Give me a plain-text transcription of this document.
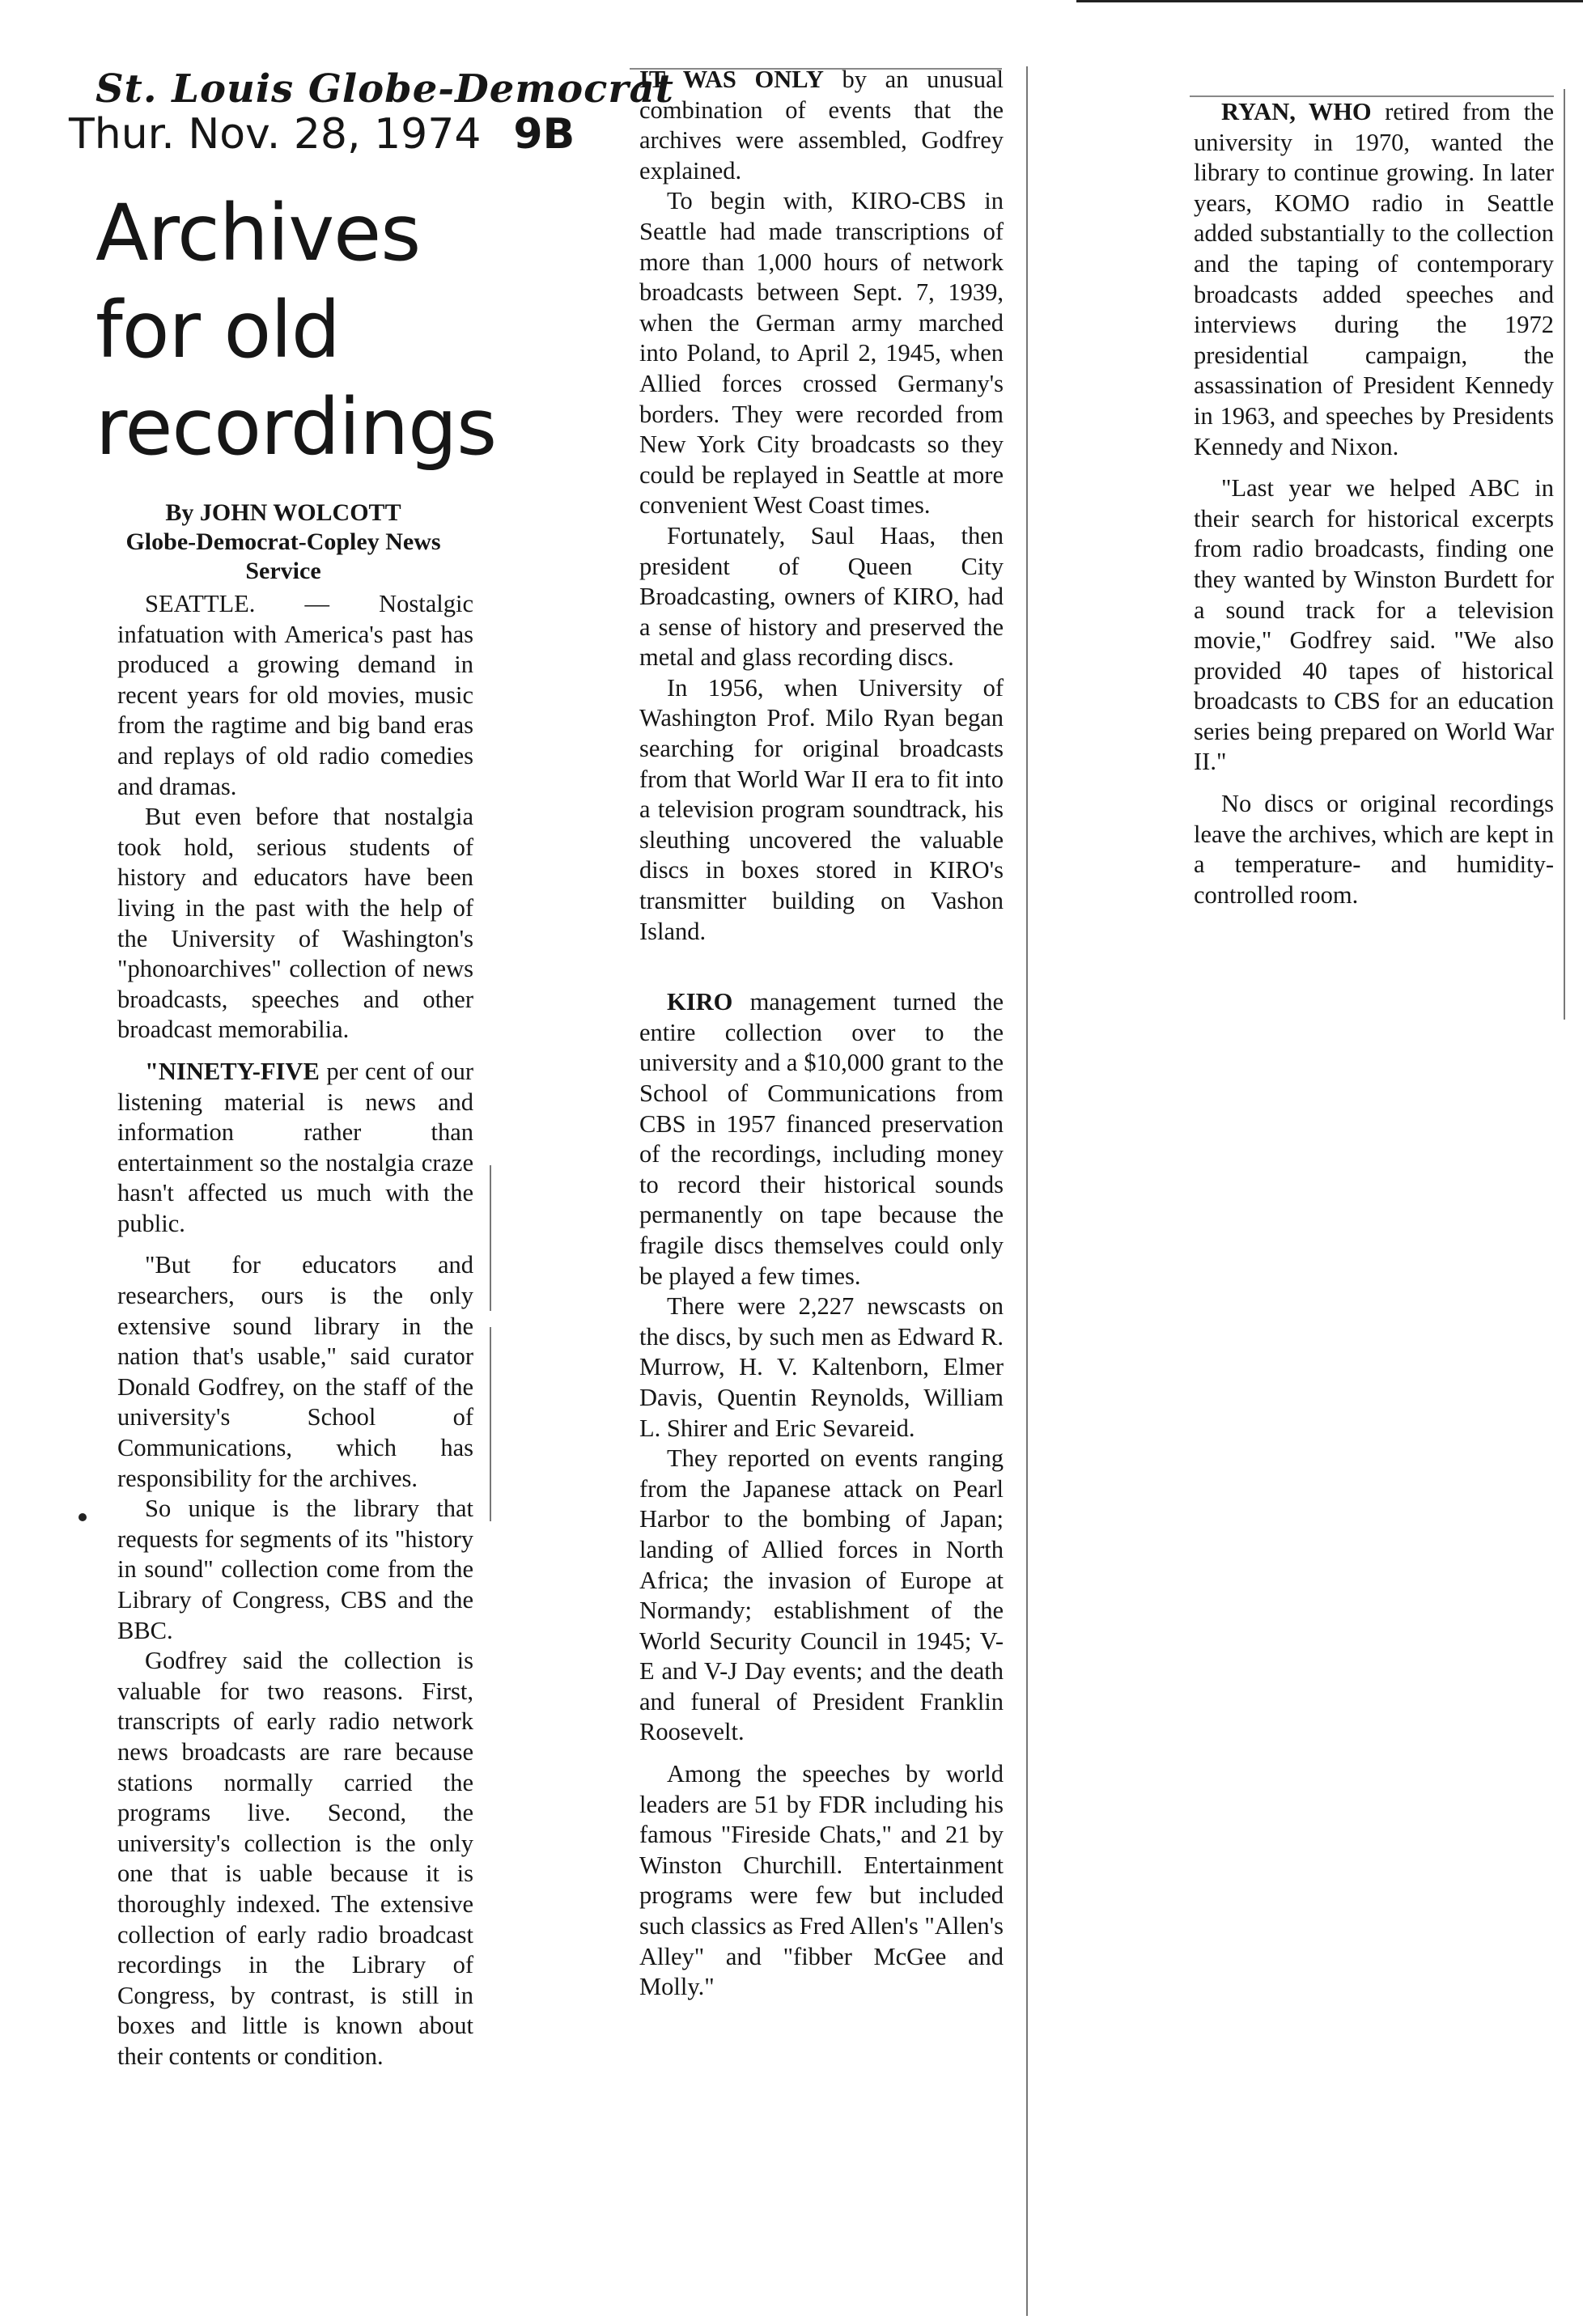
St. Louis Globe-Democrat
Thur. Nov. 28, 1974 9B
Archives
for old
recordings
By JOHN WOLCOTT
Globe-Democrat-Copley News
Service

SEATTLE. — Nostalgic infatuation with America's past has produced a growing demand in recent years for old movies, music from the ragtime and big band eras and replays of old radio comedies and dramas.

But even before that nostalgia took hold, serious students of history and educators have been living in the past with the help of the University of Washington's "phonoarchives" collection of news broadcasts, speeches and other broadcast memorabilia.

"NINETY-FIVE per cent of our listening material is news and information rather than entertainment so the nostalgia craze hasn't affected us much with the public.

"But for educators and researchers, ours is the only extensive sound library in the nation that's usable," said curator Donald Godfrey, on the staff of the university's School of Communications, which has responsibility for the archives.

So unique is the library that requests for segments of its "history in sound" collection come from the Library of Congress, CBS and the BBC.

Godfrey said the collection is valuable for two reasons. First, transcripts of early radio network news broadcasts are rare because stations normally carried the programs live. Second, the university's collection is the only one that is uable because it is thoroughly indexed. The extensive collection of early radio broadcast recordings in the Library of Congress, by contrast, is still in boxes and little is known about their contents or condition.

IT WAS ONLY by an unusual combination of events that the archives were assembled, Godfrey explained.

To begin with, KIRO-CBS in Seattle had made transcriptions of more than 1,000 hours of network broadcasts between Sept. 7, 1939, when the German army marched into Poland, to April 2, 1945, when Allied forces crossed Germany's borders. They were recorded from New York City broadcasts so they could be replayed in Seattle at more convenient West Coast times.

Fortunately, Saul Haas, then president of Queen City Broadcasting, owners of KIRO, had a sense of history and preserved the metal and glass recording discs.

In 1956, when University of Washington Prof. Milo Ryan began searching for original broadcasts from that World War II era to fit into a television program soundtrack, his sleuthing uncovered the valuable discs in boxes stored in KIRO's transmitter building on Vashon Island.

KIRO management turned the entire collection over to the university and a $10,000 grant to the School of Communications from CBS in 1957 financed preservation of the recordings, including money to record their historical sounds permanently on tape because the fragile discs themselves could only be played a few times.

There were 2,227 newscasts on the discs, by such men as Edward R. Murrow, H. V. Kaltenborn, Elmer Davis, Quentin Reynolds, William L. Shirer and Eric Sevareid.

They reported on events ranging from the Japanese attack on Pearl Harbor to the bombing of Japan; landing of Allied forces in North Africa; the invasion of Europe at Normandy; establishment of the World Security Council in 1945; V-E and V-J Day events; and the death and funeral of President Franklin Roosevelt.

Among the speeches by world leaders are 51 by FDR including his famous "Fireside Chats," and 21 by Winston Churchill. Entertainment programs were few but included such classics as Fred Allen's "Allen's Alley" and "fibber McGee and Molly."

RYAN, WHO retired from the university in 1970, wanted the library to continue growing. In later years, KOMO radio in Seattle added substantially to the collection and the taping of contemporary broadcasts added speeches and interviews during the 1972 presidential campaign, the assassination of President Kennedy in 1963, and speeches by Presidents Kennedy and Nixon.

"Last year we helped ABC in their search for historical excerpts from radio broadcasts, finding one they wanted by Winston Burdett for a sound track for a television movie," Godfrey said. "We also provided 40 tapes of historical broadcasts to CBS for an education series being prepared on World War II."

No discs or original recordings leave the archives, which are kept in a temperature- and humidity-controlled room.
